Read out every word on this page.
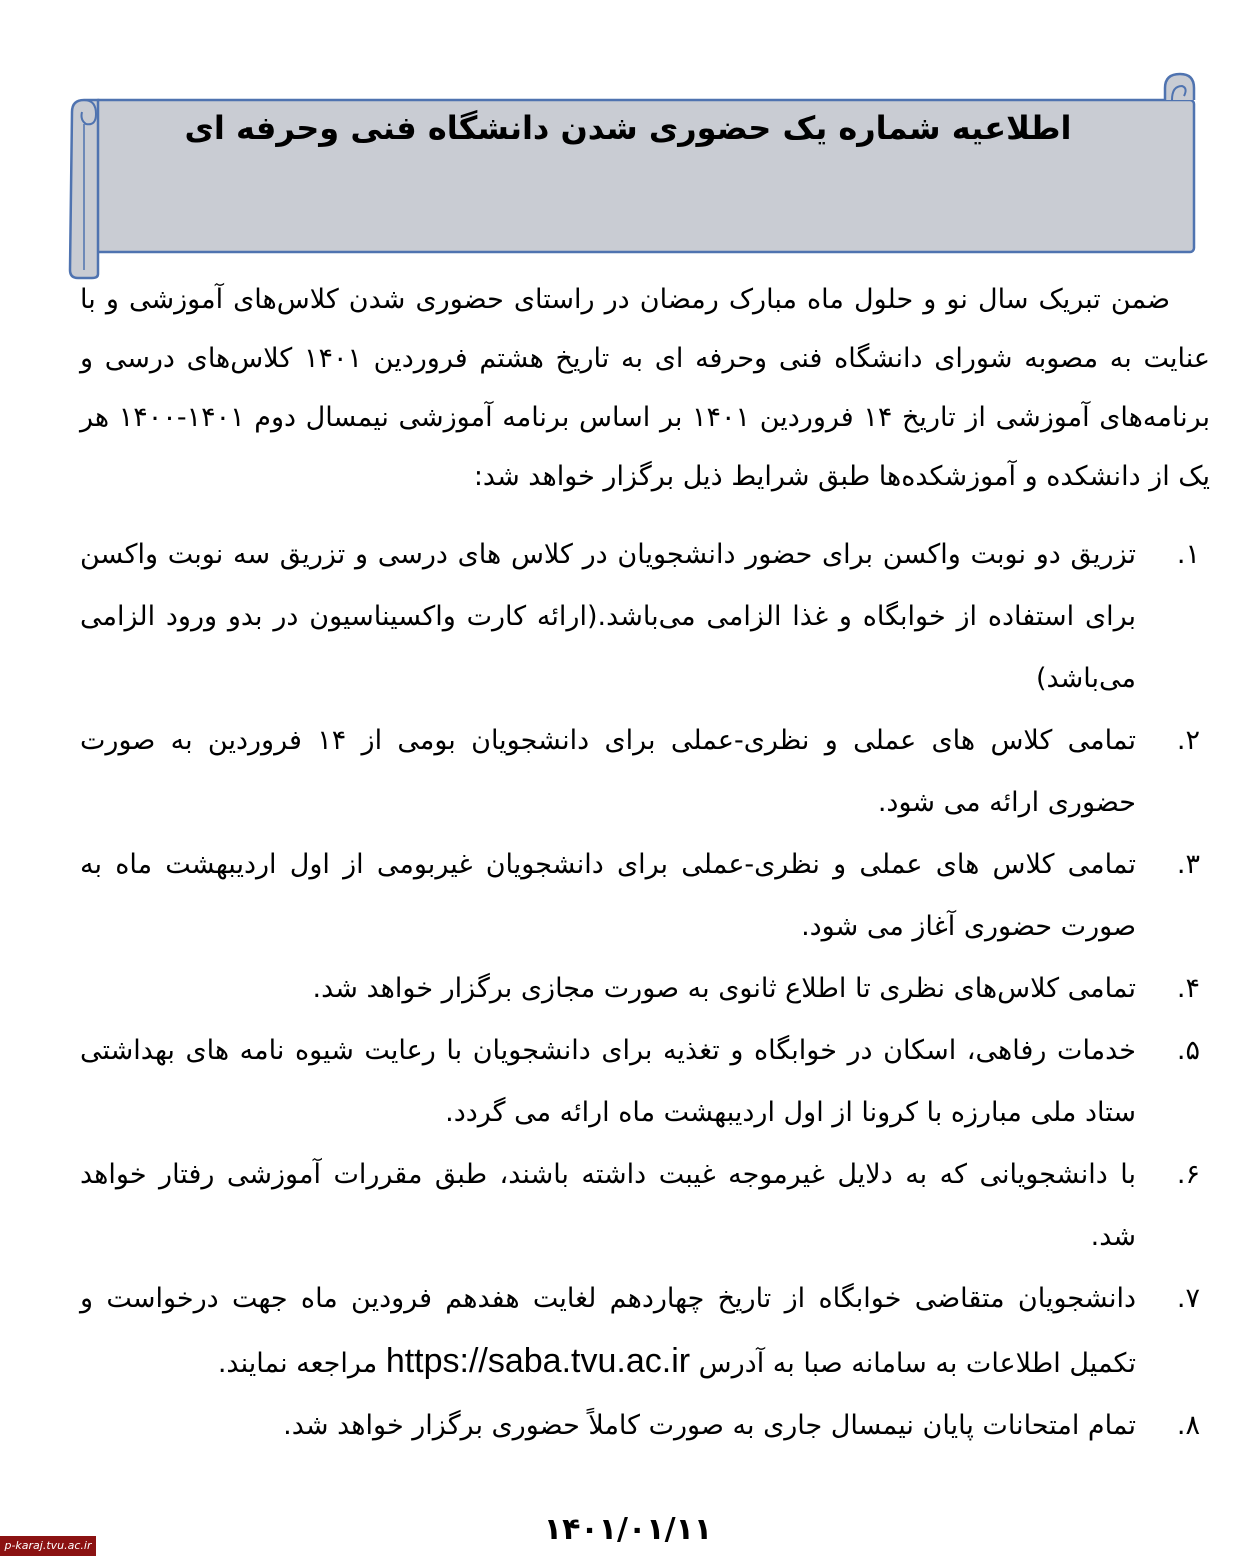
اطلاعیه شماره یک حضوری شدن دانشگاه فنی وحرفه ای

ضمن تبریک سال نو و حلول ماه مبارک رمضان در راستای حضوری شدن کلاس‌های آموزشی و با عنایت به مصوبه شورای دانشگاه فنی وحرفه ای به تاریخ هشتم فروردین ۱۴۰۱ کلاس‌های درسی و برنامه‌های آموزشی از تاریخ ۱۴ فروردین ۱۴۰۱ بر اساس برنامه آموزشی نیمسال دوم ۱۴۰۱-۱۴۰۰ هر یک از دانشکده و آموزشکده‌ها طبق شرایط ذیل برگزار خواهد شد:

۱.
تزریق دو نوبت واکسن برای حضور دانشجویان در کلاس های درسی و تزریق سه نوبت واکسن برای استفاده از خوابگاه و غذا الزامی می‌باشد.(ارائه کارت واکسیناسیون در بدو ورود الزامی می‌باشد)
۲.
تمامی کلاس های عملی و نظری-عملی برای دانشجویان بومی از ۱۴ فروردین به صورت حضوری ارائه می شود.
۳.
تمامی کلاس های عملی و نظری-عملی برای دانشجویان غیربومی از اول اردیبهشت ماه به صورت حضوری آغاز می شود.
۴.
تمامی کلاس‌های نظری تا اطلاع ثانوی به صورت مجازی برگزار خواهد شد.
۵.
خدمات رفاهی، اسکان در خوابگاه و تغذیه برای دانشجویان با رعایت شیوه نامه های بهداشتی ستاد ملی مبارزه با کرونا از اول اردیبهشت ماه ارائه می گردد.
۶.
با دانشجویانی که به دلایل غیرموجه غیبت داشته باشند، طبق مقررات آموزشی رفتار خواهد شد.
۷.
دانشجویان متقاضی خوابگاه از تاریخ چهاردهم لغایت هفدهم فرودین ماه جهت درخواست و تکمیل اطلاعات به سامانه صبا به آدرس https://saba.tvu.ac.ir مراجعه نمایند.
۸.
تمام امتحانات پایان نیمسال جاری به صورت کاملاً حضوری برگزار خواهد شد.
۱۴۰۱/۰۱/۱۱
p-karaj.tvu.ac.ir
